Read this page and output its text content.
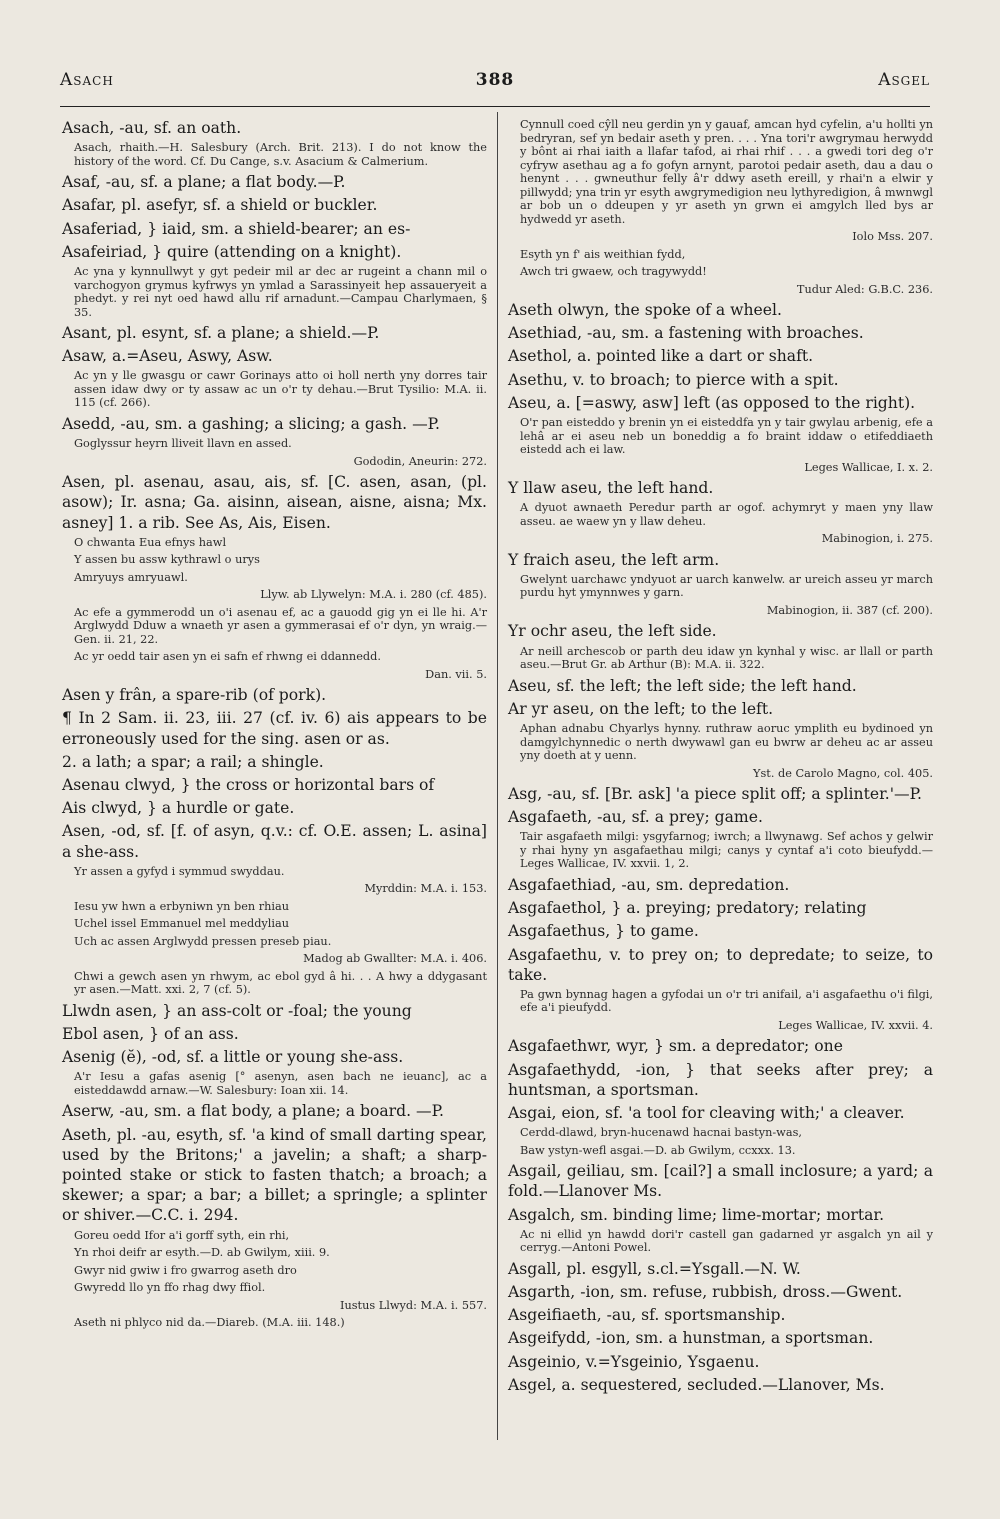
Asach	388	Asgel
Asach, -au, sf. an oath.
Asach, rhaith.—H. Salesbury (Arch. Brit. 213). I do not know the history of the word. Cf. Du Cange, s.v. Asacium & Calmerium.
Asaf, -au, sf. a plane; a flat body.—P.
Asafar, pl. asefyr, sf. a shield or buckler.
Asaferiad, } iaid, sm. a shield-bearer; an es-
Asafeiriad, } quire (attending on a knight).
Ac yna y kynnullwyt y gyt pedeir mil ar dec ar rugeint a chann mil o varchogyon grymus kyfrwys yn ymlad a Sarassinyeit hep assaueryeit a phedyt. y rei nyt oed hawd allu rif arnadunt.—Campau Charlymaen, § 35.
Asant, pl. esynt, sf. a plane; a shield.—P.
Asaw, a.=Aseu, Aswy, Asw.
Ac yn y lle gwasgu or cawr Gorinays atto oi holl nerth yny dorres tair assen idaw dwy or ty assaw ac un o'r ty dehau.—Brut Tysilio: M.A. ii. 115 (cf. 266).
Asedd, -au, sm. a gashing; a slicing; a gash. —P.
Goglyssur heyrn lliveit llavn en assed.
Gododin, Aneurin: 272.
Asen, pl. asenau, asau, ais, sf. [C. asen, asan, (pl. asow); Ir. asna; Ga. aisinn, aisean, aisne, aisna; Mx. asney] 1. a rib. See As, Ais, Eisen.
O chwanta Eua efnys hawl
Y assen bu assw kythrawl o urys
Amryuys amryuawl.
Llyw. ab Llywelyn: M.A. i. 280 (cf. 485).
Ac efe a gymmerodd un o'i asenau ef, ac a gauodd gig yn ei lle hi. A'r Arglwydd Dduw a wnaeth yr asen a gymmerasai ef o'r dyn, yn wraig.—Gen. ii. 21, 22.
Ac yr oedd tair asen yn ei safn ef rhwng ei ddannedd.
Dan. vii. 5.
Asen y frân, a spare-rib (of pork).
¶ In 2 Sam. ii. 23, iii. 27 (cf. iv. 6) ais appears to be erroneously used for the sing. asen or as.
2. a lath; a spar; a rail; a shingle.
Asenau clwyd, } the cross or horizontal bars of
Ais clwyd, } a hurdle or gate.
Asen, -od, sf. [f. of asyn, q.v.: cf. O.E. assen; L. asina] a she-ass.
Yr assen a gyfyd i symmud swyddau.
Myrddin: M.A. i. 153.
Iesu yw hwn a erbyniwn yn ben rhiau
Uchel issel Emmanuel mel meddyliau
Uch ac assen Arglwydd pressen preseb piau.
Madog ab Gwallter: M.A. i. 406.
Chwi a gewch asen yn rhwym, ac ebol gyd â hi. . . A hwy a ddygasant yr asen.—Matt. xxi. 2, 7 (cf. 5).
Llwdn asen, } an ass-colt or -foal; the young
Ebol asen, } of an ass.
Asenig (ĕ), -od, sf. a little or young she-ass.
A'r Iesu a gafas asenig [° asenyn, asen bach ne ieuanc], ac a eisteddawdd arnaw.—W. Salesbury: Ioan xii. 14.
Aserw, -au, sm. a flat body, a plane; a board. —P.
Aseth, pl. -au, esyth, sf. 'a kind of small darting spear, used by the Britons;' a javelin; a shaft; a sharp-pointed stake or stick to fasten thatch; a broach; a skewer; a spar; a bar; a billet; a springle; a splinter or shiver.—C.C. i. 294.
Goreu oedd Ifor a'i gorff syth, ein rhi,
Yn rhoi deifr ar esyth.—D. ab Gwilym, xiii. 9.
Gwyr nid gwiw i fro gwarrog aseth dro
Gwyredd llo yn ffo rhag dwy ffiol.
Iustus Llwyd: M.A. i. 557.
Aseth ni phlyco nid da.—Diareb. (M.A. iii. 148.)
Cynnull coed cŷll neu gerdin yn y gauaf, amcan hyd cyfelin, a'u hollti yn bedryran, sef yn bedair aseth y pren. . . . Yna tori'r awgrymau herwydd y bônt ai rhai iaith a llafar tafod, ai rhai rhif . . . a gwedi tori deg o'r cyfryw asethau ag a fo gofyn arnynt, parotoi pedair aseth, dau a dau o henynt . . . gwneuthur felly â'r ddwy aseth ereill, y rhai'n a elwir y pillwydd; yna trin yr esyth awgrymedigion neu lythyredigion, â mwnwgl ar bob un o ddeupen y yr aseth yn grwn ei amgylch lled bys ar hydwedd yr aseth.
Iolo Mss. 207.
Esyth yn f' ais weithian fydd,
Awch tri gwaew, och tragywydd!
Tudur Aled: G.B.C. 236.
Aseth olwyn, the spoke of a wheel.
Asethiad, -au, sm. a fastening with broaches.
Asethol, a. pointed like a dart or shaft.
Asethu, v. to broach; to pierce with a spit.
Aseu, a. [=aswy, asw] left (as opposed to the right).
O'r pan eisteddo y brenin yn ei eisteddfa yn y tair gwylau arbenig, efe a lehâ ar ei aseu neb un boneddig a fo braint iddaw o etifeddiaeth eistedd ach ei law.
Leges Wallicae, I. x. 2.
Y llaw aseu, the left hand.
A dyuot awnaeth Peredur parth ar ogof. achymryt y maen yny llaw asseu. ae waew yn y llaw deheu.
Mabinogion, i. 275.
Y fraich aseu, the left arm.
Gwelynt uarchawc yndyuot ar uarch kanwelw. ar ureich asseu yr march purdu hyt ymynnwes y garn.
Mabinogion, ii. 387 (cf. 200).
Yr ochr aseu, the left side.
Ar neill archescob or parth deu idaw yn kynhal y wisc. ar llall or parth aseu.—Brut Gr. ab Arthur (B): M.A. ii. 322.
Aseu, sf. the left; the left side; the left hand.
Ar yr aseu, on the left; to the left.
Aphan adnabu Chyarlys hynny. ruthraw aoruc ymplith eu bydinoed yn damgylchynnedic o nerth dwywawl gan eu bwrw ar deheu ac ar asseu yny doeth at y uenn.
Yst. de Carolo Magno, col. 405.
Asg, -au, sf. [Br. ask] 'a piece split off; a splinter.'—P.
Asgafaeth, -au, sf. a prey; game.
Tair asgafaeth milgi: ysgyfarnog; iwrch; a llwynawg. Sef achos y gelwir y rhai hyny yn asgafaethau milgi; canys y cyntaf a'i coto bieufydd.—Leges Wallicae, IV. xxvii. 1, 2.
Asgafaethiad, -au, sm. depredation.
Asgafaethol, } a. preying; predatory; relating
Asgafaethus, } to game.
Asgafaethu, v. to prey on; to depredate; to seize, to take.
Pa gwn bynnag hagen a gyfodai un o'r tri anifail, a'i asgafaethu o'i filgi, efe a'i pieufydd.
Leges Wallicae, IV. xxvii. 4.
Asgafaethwr, wyr, } sm. a depredator; one
Asgafaethydd, -ion, } that seeks after prey; a huntsman, a sportsman.
Asgai, eion, sf. 'a tool for cleaving with;' a cleaver.
Cerdd-dlawd, bryn-hucenawd hacnai bastyn-was,
Baw ystyn-wefl asgai.—D. ab Gwilym, ccxxx. 13.
Asgail, geiliau, sm. [cail?] a small inclosure; a yard; a fold.—Llanover Ms.
Asgalch, sm. binding lime; lime-mortar; mortar.
Ac ni ellid yn hawdd dori'r castell gan gadarned yr asgalch yn ail y cerryg.—Antoni Powel.
Asgall, pl. esgyll, s.cl.=Ysgall.—N. W.
Asgarth, -ion, sm. refuse, rubbish, dross.—Gwent.
Asgeifiaeth, -au, sf. sportsmanship.
Asgeifydd, -ion, sm. a hunstman, a sportsman.
Asgeinio, v.=Ysgeinio, Ysgaenu.
Asgel, a. sequestered, secluded.—Llanover, Ms.
